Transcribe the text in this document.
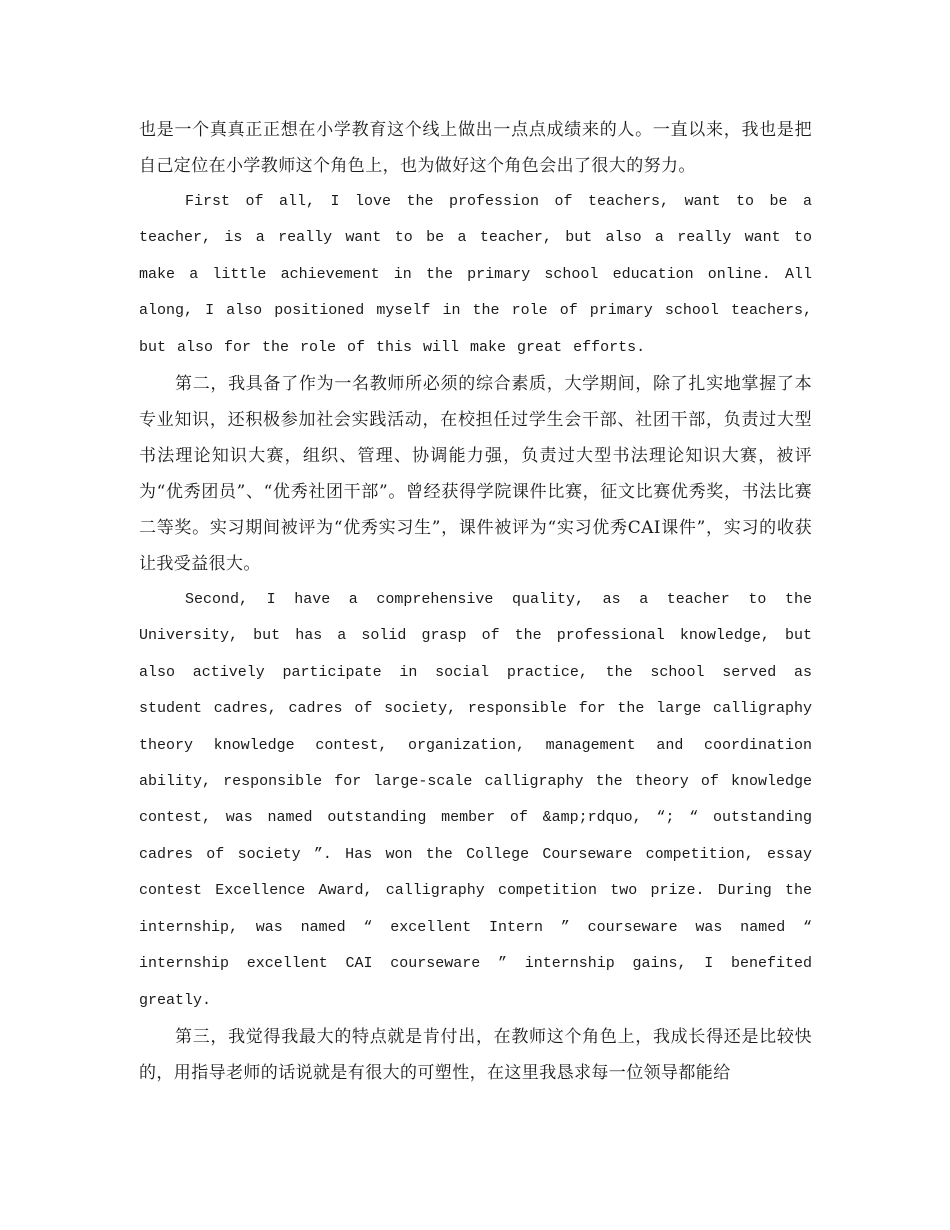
也是一个真真正正想在小学教育这个线上做出一点点成绩来的人。一直以来，我也是把自己定位在小学教师这个角色上，也为做好这个角色会出了很大的努力。

First of all, I love the profession of teachers, want to be a teacher, is a really want to be a teacher, but also a really want to make a little achievement in the primary school education online. All along, I also positioned myself in the role of primary school teachers, but also for the role of this will make great efforts.

第二，我具备了作为一名教师所必须的综合素质，大学期间，除了扎实地掌握了本专业知识，还积极参加社会实践活动，在校担任过学生会干部、社团干部，负责过大型书法理论知识大赛，组织、管理、协调能力强，负责过大型书法理论知识大赛，被评为“优秀团员”、“优秀社团干部”。曾经获得学院课件比赛，征文比赛优秀奖，书法比赛二等奖。实习期间被评为“优秀实习生”，课件被评为“实习优秀CAI课件”，实习的收获让我受益很大。

Second, I have a comprehensive quality, as a teacher to the University, but has a solid grasp of the professional knowledge, but also actively participate in social practice, the school served as student cadres, cadres of society, responsible for the large calligraphy theory knowledge contest, organization, management and coordination ability, responsible for large-scale calligraphy the theory of knowledge contest, was named outstanding member of &amp;rdquo, “; “ outstanding cadres of society ”. Has won the College Courseware competition, essay contest Excellence Award, calligraphy competition two prize. During the internship, was named “ excellent Intern ” courseware was named “ internship excellent CAI courseware ” internship gains, I benefited greatly.

第三，我觉得我最大的特点就是肯付出，在教师这个角色上，我成长得还是比较快的，用指导老师的话说就是有很大的可塑性，在这里我恳求每一位领导都能给
